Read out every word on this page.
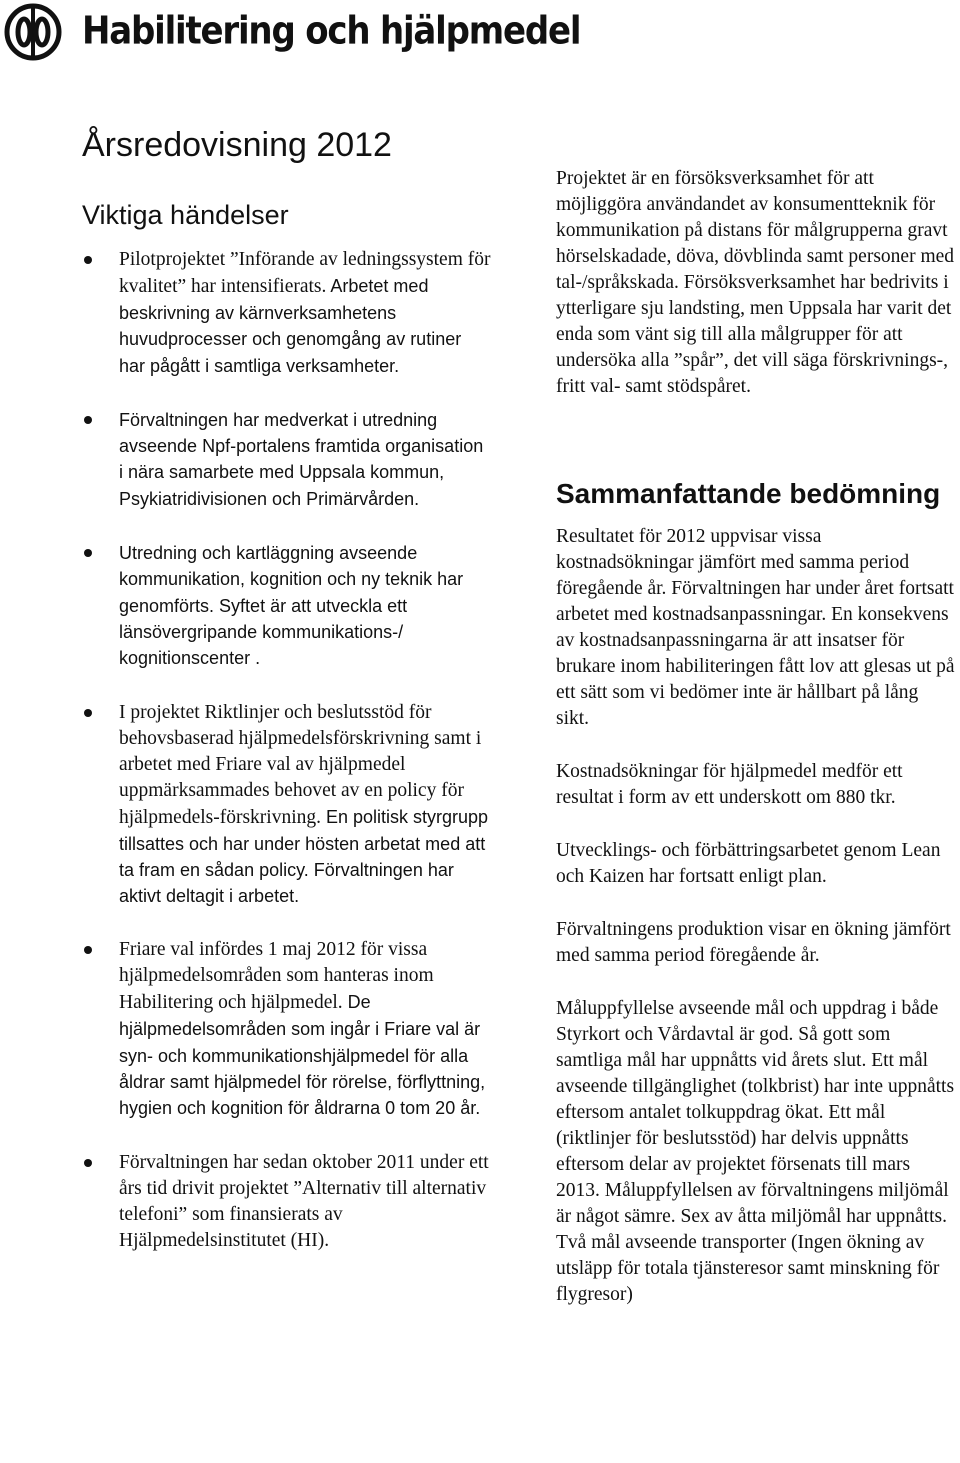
Habilitering och hjälpmedel
Årsredovisning 2012
Viktiga händelser
Pilotprojektet ”Införande av ledningssystem för kvalitet” har intensifierats. Arbetet med beskrivning av kärnverksamhetens huvudprocesser och genomgång av rutiner har pågått i samtliga verksamheter.
Förvaltningen har medverkat i utredning avseende Npf-portalens framtida organisation i nära samarbete med Uppsala kommun, Psykiatridivisionen och Primärvården.
Utredning och kartläggning avseende kommunikation, kognition och ny teknik har genomförts. Syftet är att utveckla ett länsövergripande kommunikations-/ kognitionscenter .
I projektet Riktlinjer och beslutsstöd för behovsbaserad hjälpmedelsförskrivning samt i arbetet med Friare val av hjälpmedel uppmärksammades behovet av en policy för hjälpmedels-förskrivning. En politisk styrgrupp tillsattes och har under hösten arbetat med att ta fram en sådan policy. Förvaltningen har aktivt deltagit i arbetet.
Friare val infördes 1 maj 2012 för vissa hjälpmedelsområden som hanteras inom Habilitering och hjälpmedel. De hjälpmedelsområden som ingår i Friare val är syn- och kommunikationshjälpmedel för alla åldrar samt hjälpmedel för rörelse, förflyttning, hygien och kognition för åldrarna 0 tom 20 år.
Förvaltningen har sedan oktober 2011 under ett års tid drivit projektet ”Alternativ till alternativ telefoni” som finansierats av Hjälpmedelsinstitutet (HI).

Projektet är en försöksverksamhet för att möjliggöra användandet av konsumentteknik för kommunikation på distans för målgrupperna gravt hörselskadade, döva, dövblinda samt personer med tal-/språkskada. Försöksverksamhet har bedrivits i ytterligare sju landsting, men Uppsala har varit det enda som vänt sig till alla målgrupper för att undersöka alla ”spår”, det vill säga förskrivnings-, fritt val- samt stödspåret.

Sammanfattande bedömning

Resultatet för 2012 uppvisar vissa kostnadsökningar jämfört med samma period föregående år. Förvaltningen har under året fortsatt arbetet med kostnadsanpassningar. En konsekvens av kostnadsanpassningarna är att insatser för brukare inom habiliteringen fått lov att glesas ut på ett sätt som vi bedömer inte är hållbart på lång sikt.

Kostnadsökningar för hjälpmedel medför ett resultat i form av ett underskott om 880 tkr.

Utvecklings- och förbättringsarbetet genom Lean och Kaizen har fortsatt enligt plan.

Förvaltningens produktion visar en ökning jämfört med samma period föregående år.

Måluppfyllelse avseende mål och uppdrag i både Styrkort och Vårdavtal är god. Så gott som samtliga mål har uppnåtts vid årets slut. Ett mål avseende tillgänglighet (tolkbrist) har inte uppnåtts eftersom antalet tolkuppdrag ökat. Ett mål (riktlinjer för beslutsstöd) har delvis uppnåtts eftersom delar av projektet försenats till mars 2013. Måluppfyllelsen av förvaltningens miljömål är något sämre. Sex av åtta miljömål har uppnåtts. Två mål avseende transporter (Ingen ökning av utsläpp för totala tjänsteresor samt minskning för flygresor)
